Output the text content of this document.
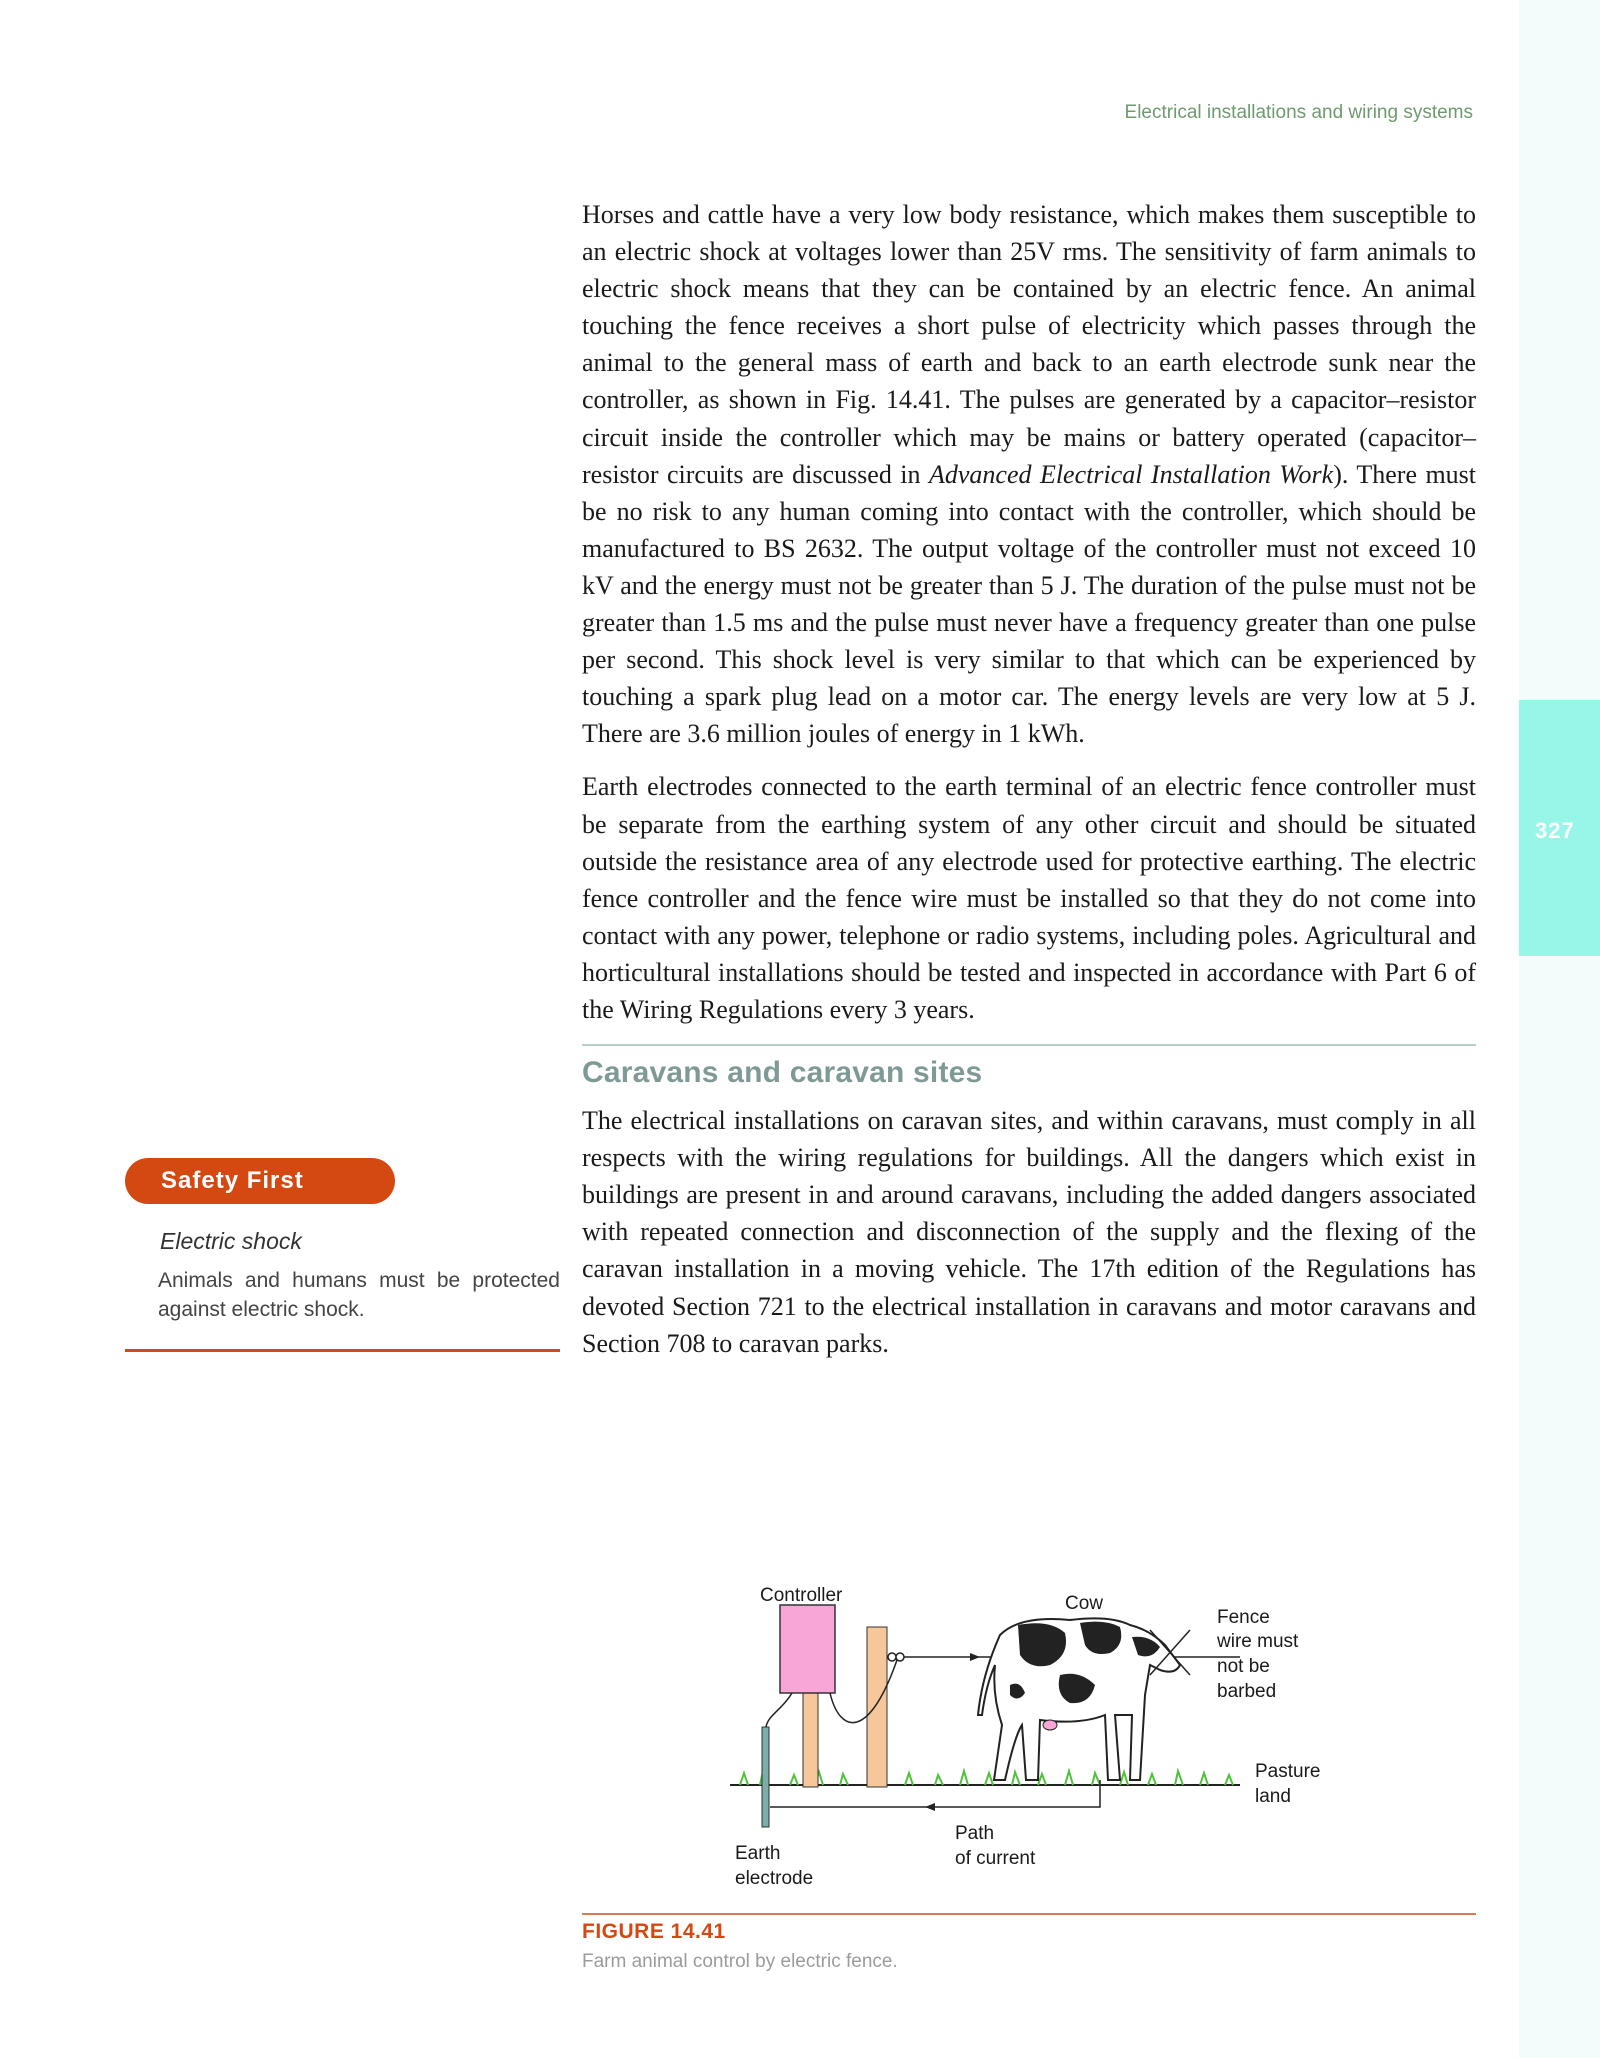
327
Electrical installations and wiring systems

Horses and cattle have a very low body resistance, which makes them susceptible to an electric shock at voltages lower than 25V rms. The sensitivity of farm animals to electric shock means that they can be contained by an electric fence. An animal touching the fence receives a short pulse of electricity which passes through the animal to the general mass of earth and back to an earth electrode sunk near the controller, as shown in Fig. 14.41. The pulses are generated by a capacitor–resistor circuit inside the controller which may be mains or battery operated (capacitor–resistor circuits are discussed in Advanced Electrical Installation Work). There must be no risk to any human coming into contact with the controller, which should be manufactured to BS 2632. The output voltage of the controller must not exceed 10 kV and the energy must not be greater than 5 J. The duration of the pulse must not be greater than 1.5 ms and the pulse must never have a frequency greater than one pulse per second. This shock level is very similar to that which can be experienced by touching a spark plug lead on a motor car. The energy levels are very low at 5 J. There are 3.6 million joules of energy in 1 kWh.

Earth electrodes connected to the earth terminal of an electric fence controller must be separate from the earthing system of any other circuit and should be situated outside the resistance area of any electrode used for protective earthing. The electric fence controller and the fence wire must be installed so that they do not come into contact with any power, telephone or radio systems, including poles. Agricultural and horticultural installations should be tested and inspected in accordance with Part 6 of the Wiring Regulations every 3 years.

Caravans and caravan sites

The electrical installations on caravan sites, and within caravans, must comply in all respects with the wiring regulations for buildings. All the dangers which exist in buildings are present in and around caravans, including the added dangers associated with repeated connection and disconnection of the supply and the flexing of the caravan installation in a moving vehicle. The 17th edition of the Regulations has devoted Section 721 to the electrical installation in caravans and motor caravans and Section 708 to caravan parks.

Safety First
Electric shock
Animals and humans must be protected against electric shock.
Controller	Cow
Fence
wire must
not be
barbed
Pasture
land
Path
of current
Earth
electrode
FIGURE 14.41
Farm animal control by electric fence.
